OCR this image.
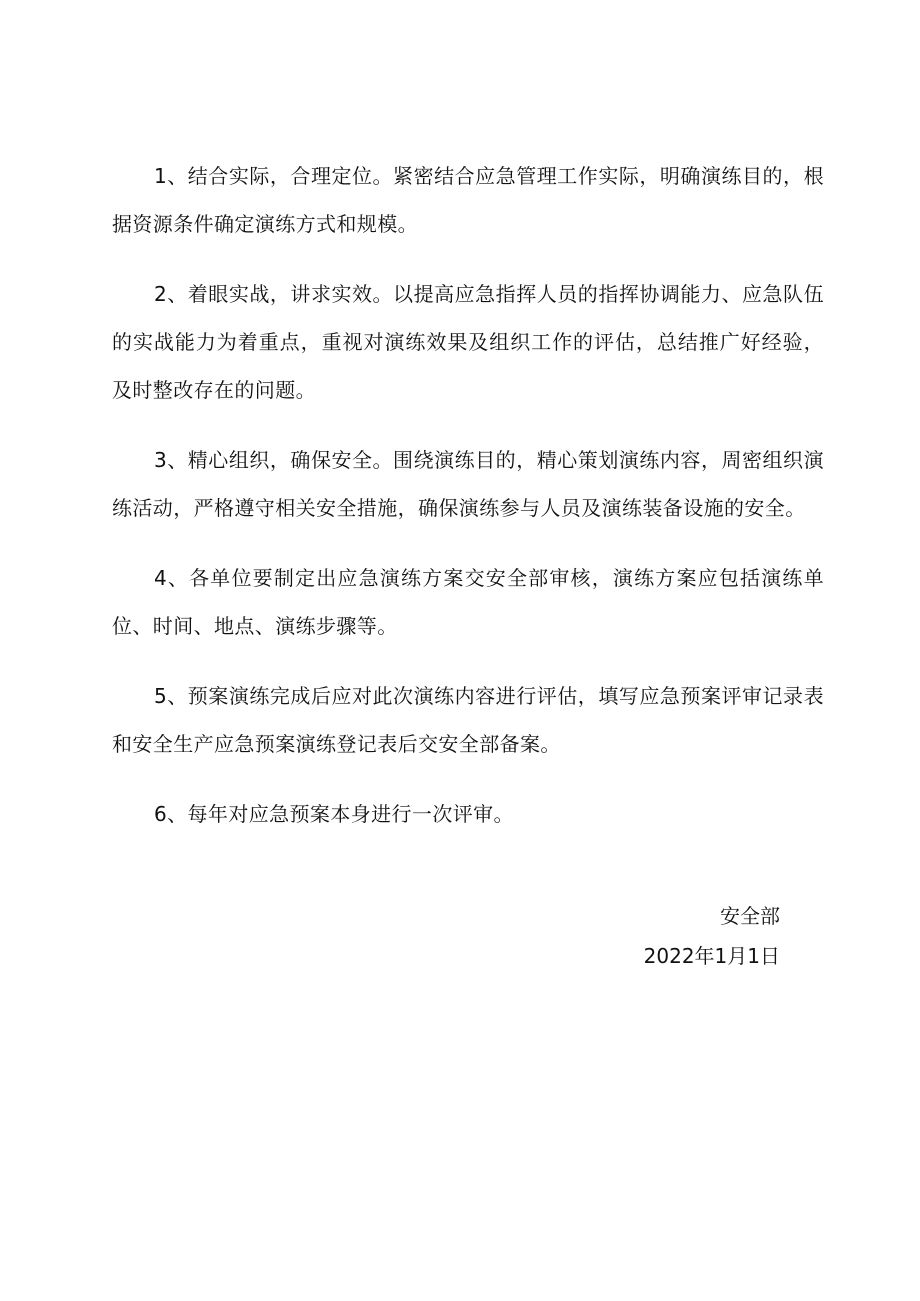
1、结合实际，合理定位。紧密结合应急管理工作实际，明确演练目的，根据资源条件确定演练方式和规模。

2、着眼实战，讲求实效。以提高应急指挥人员的指挥协调能力、应急队伍的实战能力为着重点，重视对演练效果及组织工作的评估，总结推广好经验，及时整改存在的问题。

3、精心组织，确保安全。围绕演练目的，精心策划演练内容，周密组织演练活动，严格遵守相关安全措施，确保演练参与人员及演练装备设施的安全。

4、各单位要制定出应急演练方案交安全部审核，演练方案应包括演练单位、时间、地点、演练步骤等。

5、预案演练完成后应对此次演练内容进行评估，填写应急预案评审记录表和安全生产应急预案演练登记表后交安全部备案。

6、每年对应急预案本身进行一次评审。

安全部
2022年1月1日
